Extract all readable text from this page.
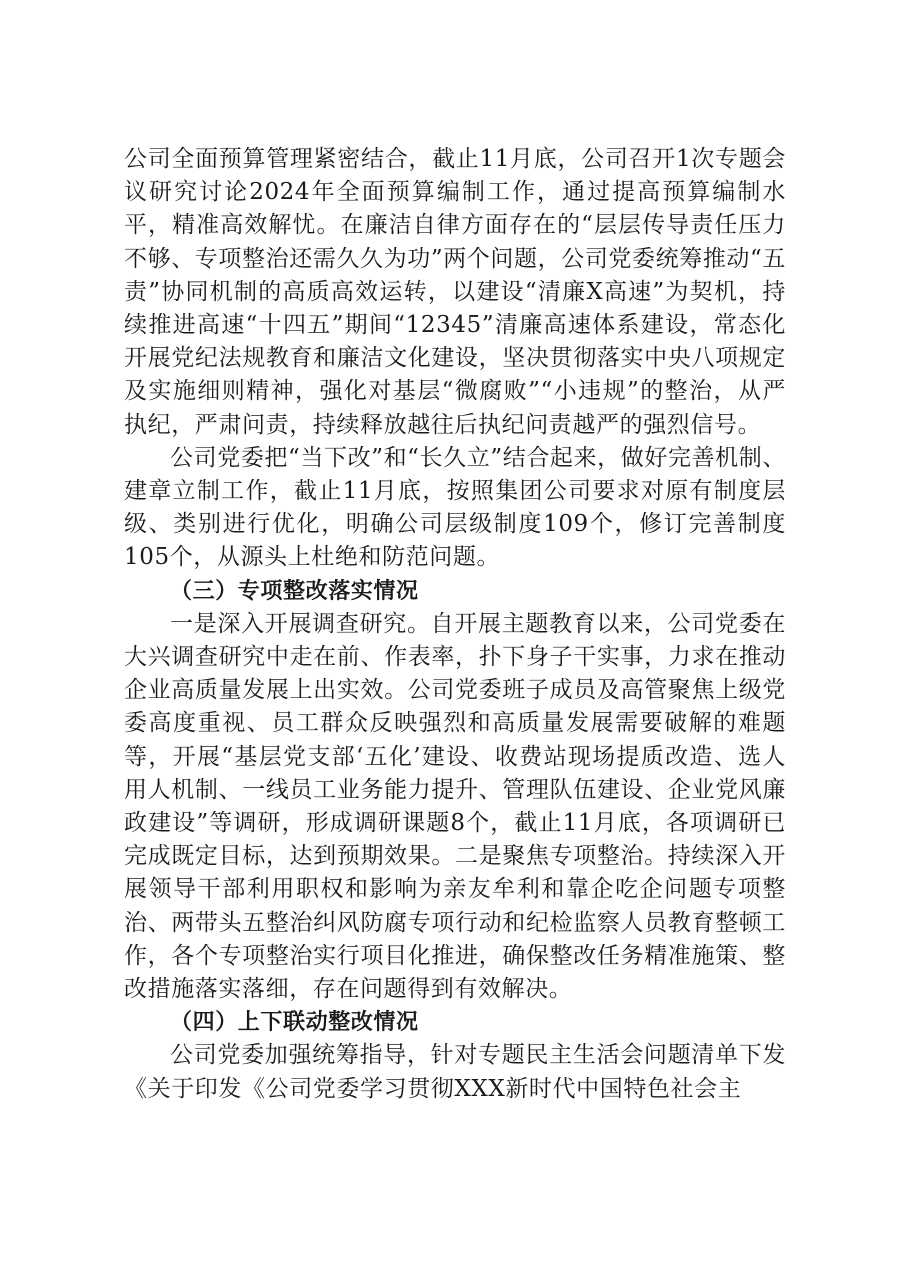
公司全面预算管理紧密结合，截止11月底，公司召开1次专题会议研究讨论2024年全面预算编制工作，通过提高预算编制水平，精准高效解忧。在廉洁自律方面存在的“层层传导责任压力不够、专项整治还需久久为功”两个问题，公司党委统筹推动“五责”协同机制的高质高效运转，以建设“清廉X高速”为契机，持续推进高速“十四五”期间“12345”清廉高速体系建设，常态化开展党纪法规教育和廉洁文化建设，坚决贯彻落实中央八项规定及实施细则精神，强化对基层“微腐败”“小违规”的整治，从严执纪，严肃问责，持续释放越往后执纪问责越严的强烈信号。

公司党委把“当下改”和“长久立”结合起来，做好完善机制、建章立制工作，截止11月底，按照集团公司要求对原有制度层级、类别进行优化，明确公司层级制度109个，修订完善制度105个，从源头上杜绝和防范问题。

（三）专项整改落实情况

一是深入开展调查研究。自开展主题教育以来，公司党委在大兴调查研究中走在前、作表率，扑下身子干实事，力求在推动企业高质量发展上出实效。公司党委班子成员及高管聚焦上级党委高度重视、员工群众反映强烈和高质量发展需要破解的难题等，开展“基层党支部‘五化’建设、收费站现场提质改造、选人用人机制、一线员工业务能力提升、管理队伍建设、企业党风廉政建设”等调研，形成调研课题8个，截止11月底，各项调研已完成既定目标，达到预期效果。二是聚焦专项整治。持续深入开展领导干部利用职权和影响为亲友牟利和靠企吃企问题专项整治、两带头五整治纠风防腐专项行动和纪检监察人员教育整顿工作，各个专项整治实行项目化推进，确保整改任务精准施策、整改措施落实落细，存在问题得到有效解决。

（四）上下联动整改情况

公司党委加强统筹指导，针对专题民主生活会问题清单下发《关于印发《公司党委学习贯彻XXX新时代中国特色社会主
